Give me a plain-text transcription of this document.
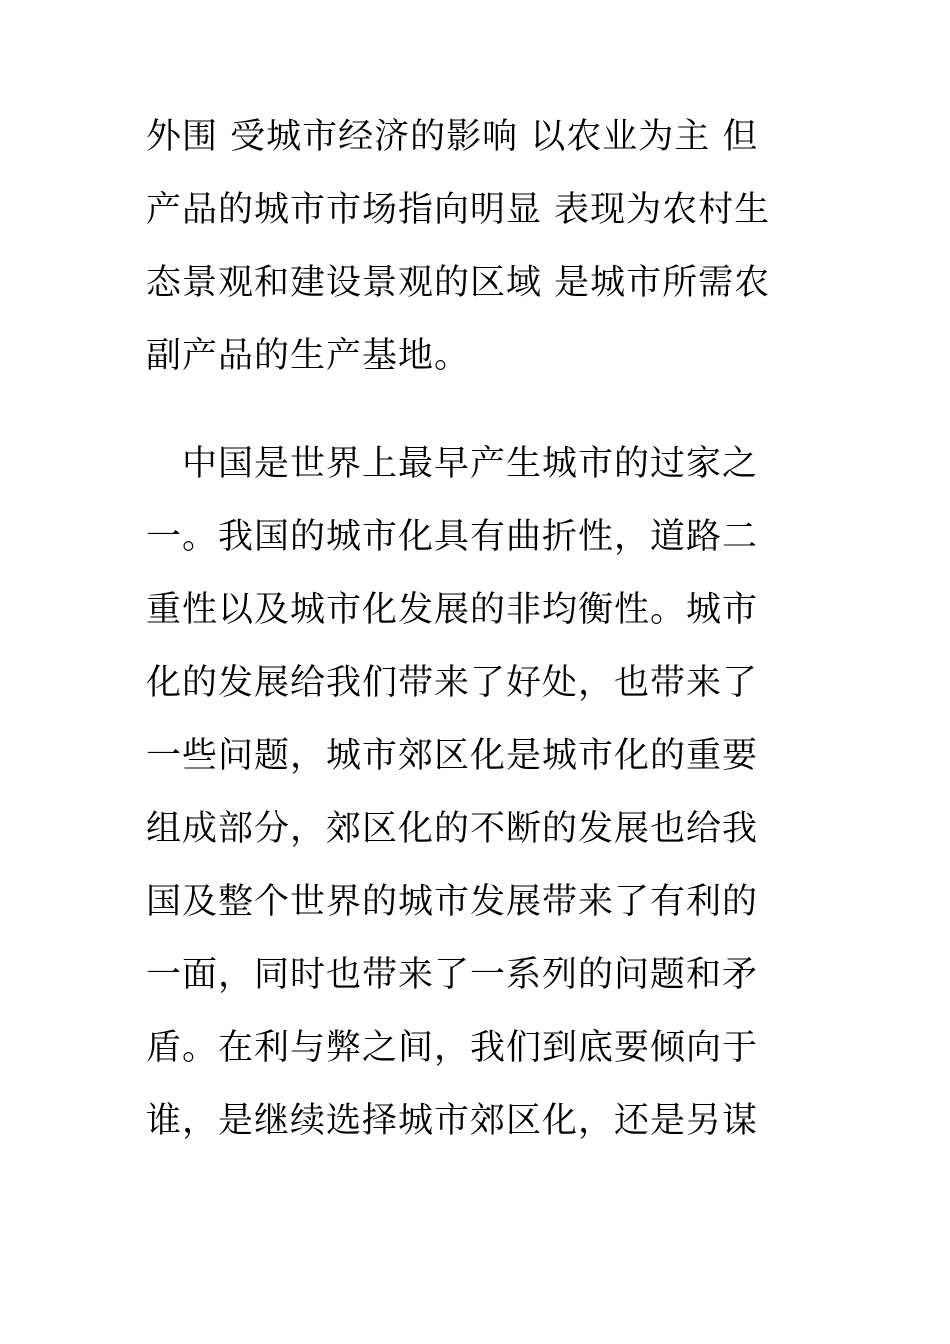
外围 受城市经济的影响 以农业为主 但
产品的城市市场指向明显 表现为农村生
态景观和建设景观的区域 是城市所需农
副产品的生产基地。
　中国是世界上最早产生城市的过家之
一。我国的城市化具有曲折性，道路二
重性以及城市化发展的非均衡性。城市
化的发展给我们带来了好处，也带来了
一些问题，城市郊区化是城市化的重要
组成部分，郊区化的不断的发展也给我
国及整个世界的城市发展带来了有利的
一面，同时也带来了一系列的问题和矛
盾。在利与弊之间，我们到底要倾向于
谁，是继续选择城市郊区化，还是另谋
